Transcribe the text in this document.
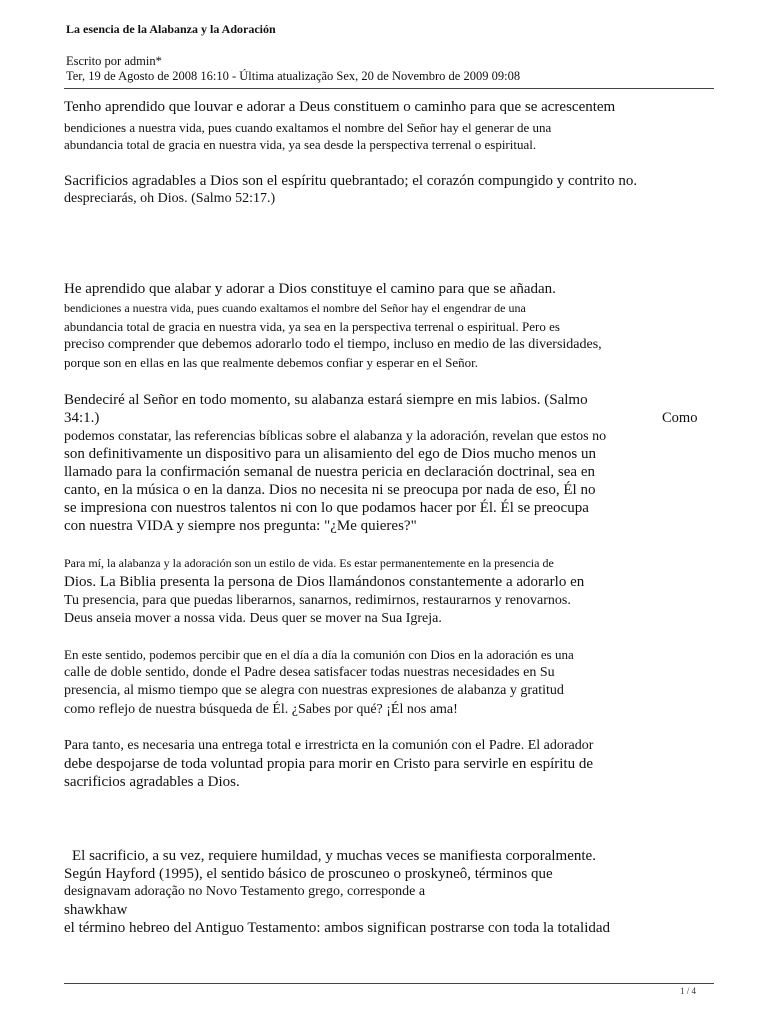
La esencia de la Alabanza y la Adoración
Escrito por admin*
Ter, 19 de Agosto de 2008 16:10 - Última atualização Sex, 20 de Novembro de 2009 09:08
Tenho aprendido que louvar e adorar a Deus constituem o caminho para que se acrescentem
bendiciones a nuestra vida, pues cuando exaltamos el nombre del Señor hay el generar de una
abundancia total de gracia en nuestra vida, ya sea desde la perspectiva terrenal o espiritual.
Sacrificios agradables a Dios son el espíritu quebrantado; el corazón compungido y contrito no.
despreciarás, oh Dios. (Salmo 52:17.)
He aprendido que alabar y adorar a Dios constituye el camino para que se añadan.
bendiciones a nuestra vida, pues cuando exaltamos el nombre del Señor hay el engendrar de una
abundancia total de gracia en nuestra vida, ya sea en la perspectiva terrenal o espiritual. Pero es
preciso comprender que debemos adorarlo todo el tiempo, incluso en medio de las diversidades,
porque son en ellas en las que realmente debemos confiar y esperar en el Señor.
Bendeciré al Señor en todo momento, su alabanza estará siempre en mis labios. (Salmo
34:1.)	Como
podemos constatar, las referencias bíblicas sobre el alabanza y la adoración, revelan que estos no
son definitivamente un dispositivo para un alisamiento del ego de Dios mucho menos un
llamado para la confirmación semanal de nuestra pericia en declaración doctrinal, sea en
canto, en la música o en la danza. Dios no necesita ni se preocupa por nada de eso, Él no
se impresiona con nuestros talentos ni con lo que podamos hacer por Él. Él se preocupa
con nuestra VIDA y siempre nos pregunta: "¿Me quieres?"
Para mí, la alabanza y la adoración son un estilo de vida. Es estar permanentemente en la presencia de
Dios. La Biblia presenta la persona de Dios llamándonos constantemente a adorarlo en
Tu presencia, para que puedas liberarnos, sanarnos, redimirnos, restaurarnos y renovarnos.
Deus anseia mover a nossa vida. Deus quer se mover na Sua Igreja.
En este sentido, podemos percibir que en el día a día la comunión con Dios en la adoración es una
calle de doble sentido, donde el Padre desea satisfacer todas nuestras necesidades en Su
presencia, al mismo tiempo que se alegra con nuestras expresiones de alabanza y gratitud
como reflejo de nuestra búsqueda de Él. ¿Sabes por qué? ¡Él nos ama!
Para tanto, es necesaria una entrega total e irrestricta en la comunión con el Padre. El adorador
debe despojarse de toda voluntad propia para morir en Cristo para servirle en espíritu de
sacrificios agradables a Dios.
El sacrificio, a su vez, requiere humildad, y muchas veces se manifiesta corporalmente.
Según Hayford (1995), el sentido básico de proscuneo o proskyneô, términos que
designavam adoração no Novo Testamento grego, corresponde a
shawkhaw
el término hebreo del Antiguo Testamento: ambos significan postrarse con toda la totalidad
1 / 4
